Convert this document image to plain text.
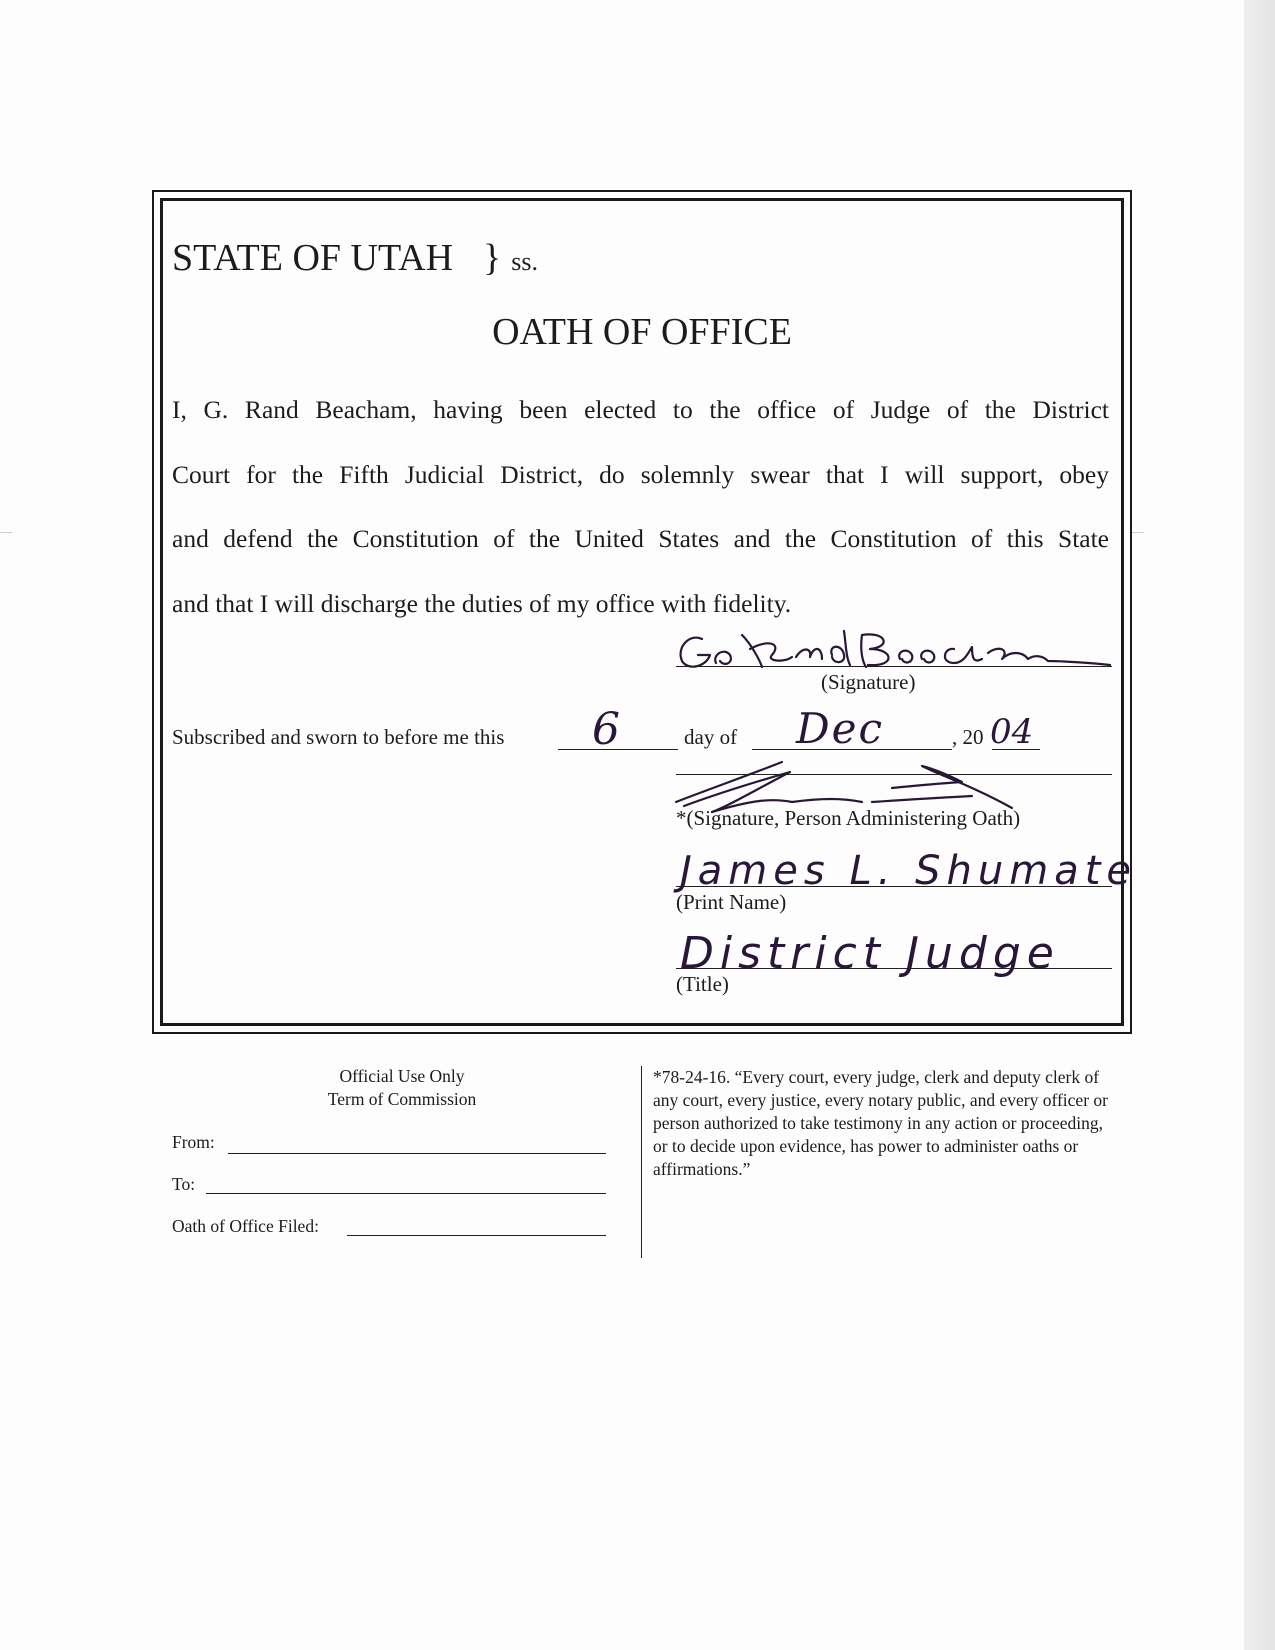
STATE OF UTAH } ss.
OATH OF OFFICE
I, G. Rand Beacham, having been elected to the office of Judge of the District
Court for the Fifth Judicial District, do solemnly swear that I will support, obey
and defend the Constitution of the United States and the Constitution of this State
and that I will discharge the duties of my office with fidelity.
(Signature)
Subscribed and sworn to before me this 6	day of Dec	, 20 04
*(Signature, Person Administering Oath)
James L. Shumate
(Print Name)
District Judge
(Title)
Official Use Only
Term of Commission
From:
To:
Oath of Office Filed:
*78-24-16. “Every court, every judge, clerk and deputy clerk of any court, every justice, every notary public, and every officer or person authorized to take testimony in any action or proceeding, or to decide upon evidence, has power to administer oaths or affirmations.”
